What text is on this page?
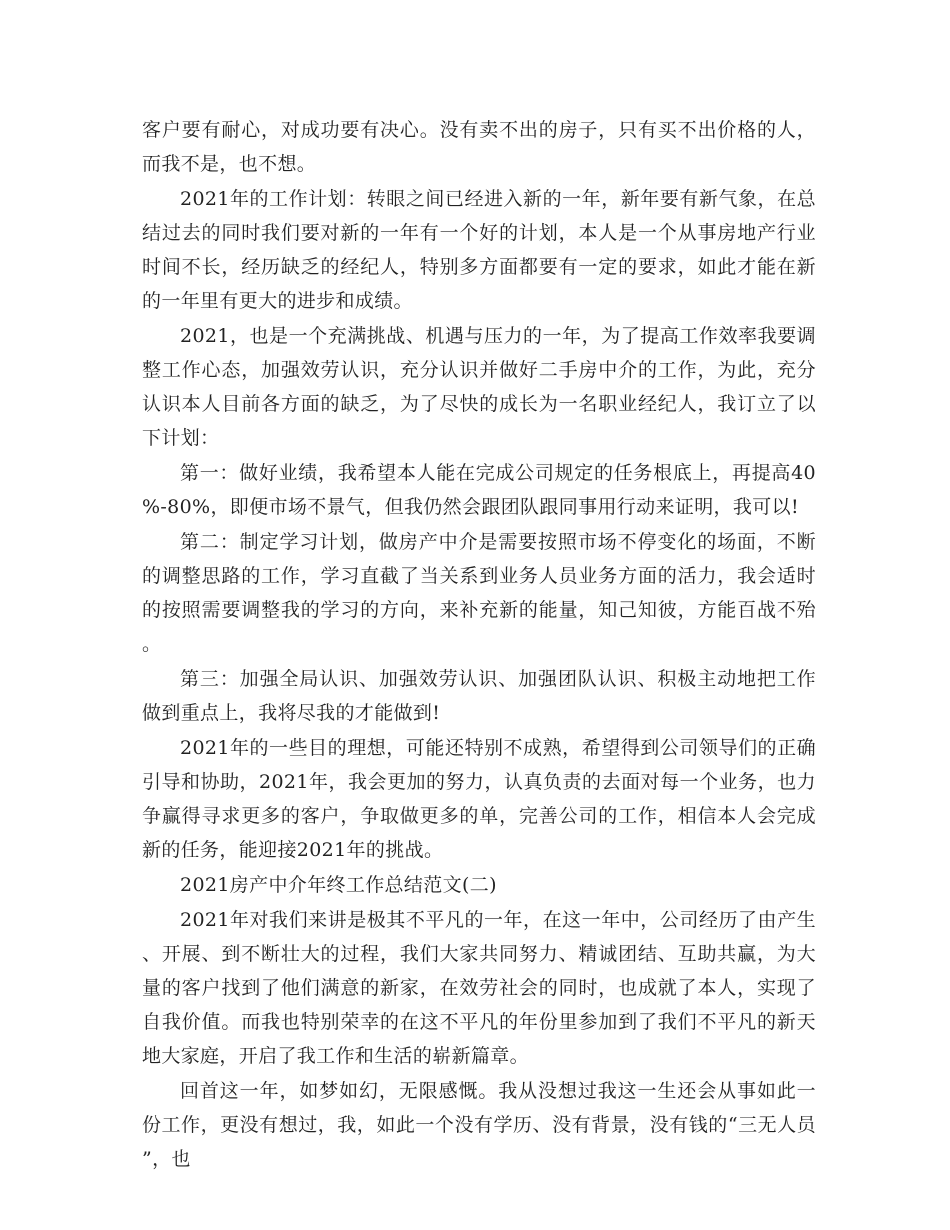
客户要有耐心，对成功要有决心。没有卖不出的房子，只有买不出价格的人，而我不是，也不想。

2021年的工作计划：转眼之间已经进入新的一年，新年要有新气象，在总结过去的同时我们要对新的一年有一个好的计划，本人是一个从事房地产行业时间不长，经历缺乏的经纪人，特别多方面都要有一定的要求，如此才能在新的一年里有更大的进步和成绩。

2021，也是一个充满挑战、机遇与压力的一年，为了提高工作效率我要调整工作心态，加强效劳认识，充分认识并做好二手房中介的工作，为此，充分认识本人目前各方面的缺乏，为了尽快的成长为一名职业经纪人，我订立了以下计划：

第一：做好业绩，我希望本人能在完成公司规定的任务根底上，再提高40%-80%，即便市场不景气，但我仍然会跟团队跟同事用行动来证明，我可以!

第二：制定学习计划，做房产中介是需要按照市场不停变化的场面，不断的调整思路的工作，学习直截了当关系到业务人员业务方面的活力，我会适时的按照需要调整我的学习的方向，来补充新的能量，知己知彼，方能百战不殆。

第三：加强全局认识、加强效劳认识、加强团队认识、积极主动地把工作做到重点上，我将尽我的才能做到!

2021年的一些目的理想，可能还特别不成熟，希望得到公司领导们的正确引导和协助，2021年，我会更加的努力，认真负责的去面对每一个业务，也力争赢得寻求更多的客户，争取做更多的单，完善公司的工作，相信本人会完成新的任务，能迎接2021年的挑战。

2021房产中介年终工作总结范文(二)

2021年对我们来讲是极其不平凡的一年，在这一年中，公司经历了由产生、开展、到不断壮大的过程，我们大家共同努力、精诚团结、互助共赢，为大量的客户找到了他们满意的新家，在效劳社会的同时，也成就了本人，实现了自我价值。而我也特别荣幸的在这不平凡的年份里参加到了我们不平凡的新天地大家庭，开启了我工作和生活的崭新篇章。

回首这一年，如梦如幻，无限感慨。我从没想过我这一生还会从事如此一份工作，更没有想过，我，如此一个没有学历、没有背景，没有钱的“三无人员”，也
